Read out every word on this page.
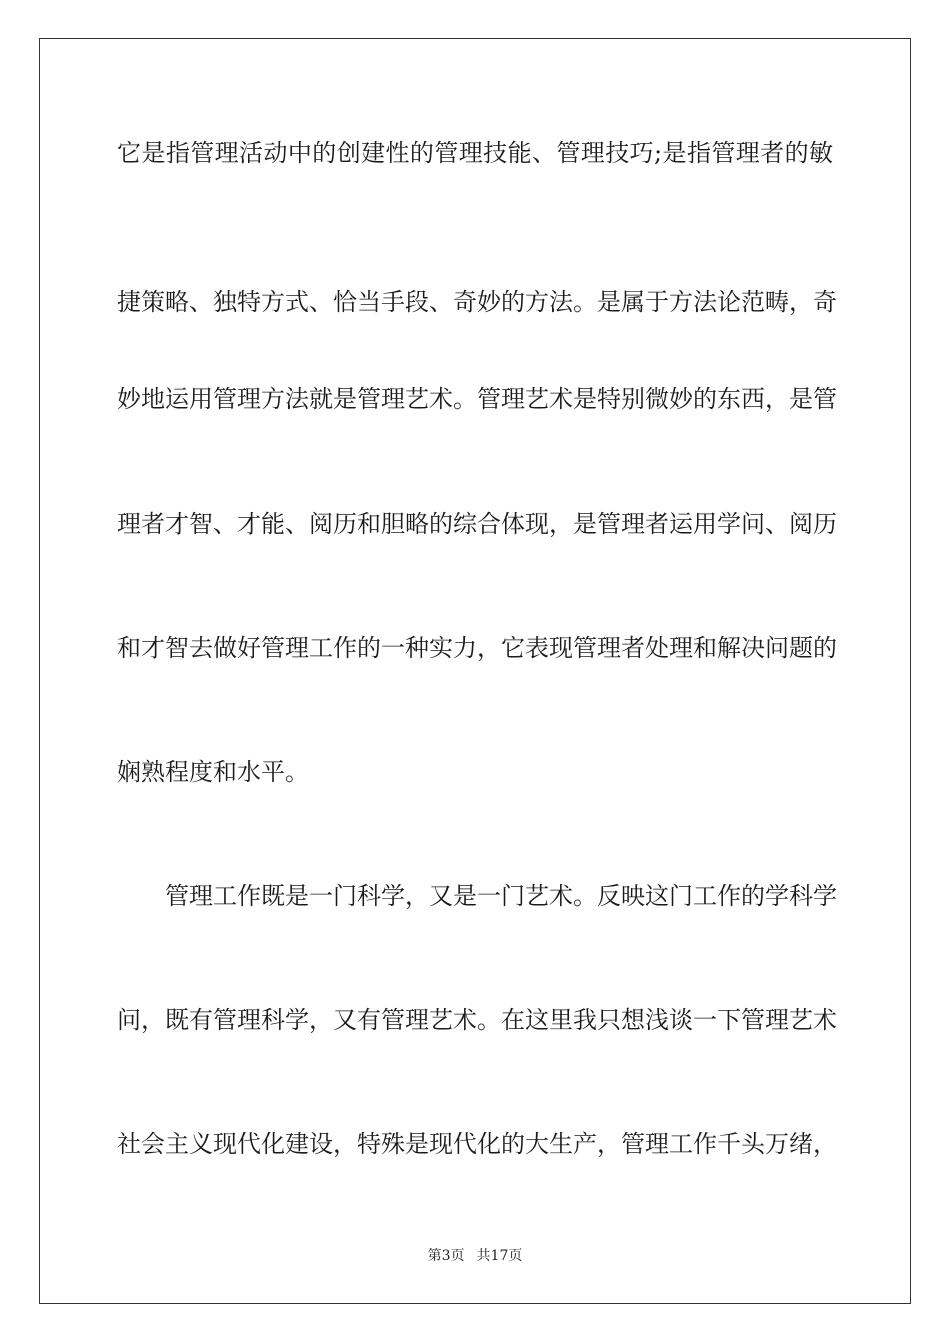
它是指管理活动中的创建性的管理技能、管理技巧;是指管理者的敏
捷策略、独特方式、恰当手段、奇妙的方法。是属于方法论范畴，奇
妙地运用管理方法就是管理艺术。管理艺术是特别微妙的东西，是管
理者才智、才能、阅历和胆略的综合体现，是管理者运用学问、阅历
和才智去做好管理工作的一种实力，它表现管理者处理和解决问题的
娴熟程度和水平。
管理工作既是一门科学，又是一门艺术。反映这门工作的学科学
问，既有管理科学，又有管理艺术。在这里我只想浅谈一下管理艺术
社会主义现代化建设，特殊是现代化的大生产，管理工作千头万绪，
第3页 共17页
